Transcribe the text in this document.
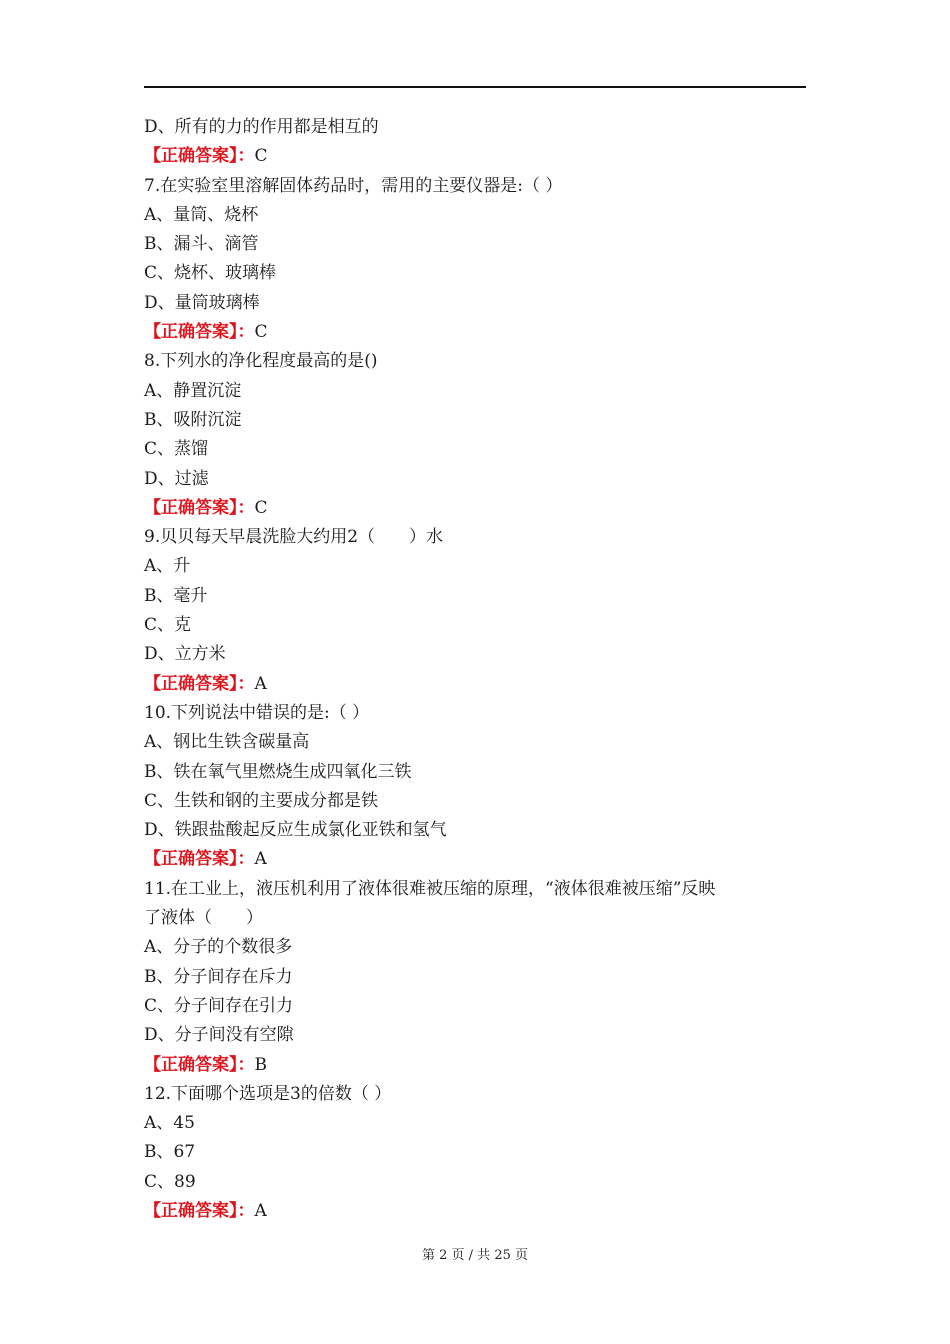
D、所有的力的作用都是相互的
【正确答案】：C
7.在实验室里溶解固体药品时，需用的主要仪器是:（ ）
A、量筒、烧杯
B、漏斗、滴管
C、烧杯、玻璃棒
D、量筒玻璃棒
【正确答案】：C
8.下列水的净化程度最高的是()
A、静置沉淀
B、吸附沉淀
C、蒸馏
D、过滤
【正确答案】：C
9.贝贝每天早晨洗脸大约用2（　　）水
A、升
B、毫升
C、克
D、立方米
【正确答案】：A
10.下列说法中错误的是:（ ）
A、钢比生铁含碳量高
B、铁在氧气里燃烧生成四氧化三铁
C、生铁和钢的主要成分都是铁
D、铁跟盐酸起反应生成氯化亚铁和氢气
【正确答案】：A
11.在工业上，液压机利用了液体很难被压缩的原理，“液体很难被压缩”反映
了液体（　　）
A、分子的个数很多
B、分子间存在斥力
C、分子间存在引力
D、分子间没有空隙
【正确答案】：B
12.下面哪个选项是3的倍数（ ）
A、45
B、67
C、89
【正确答案】：A
第 2 页 / 共 25 页
